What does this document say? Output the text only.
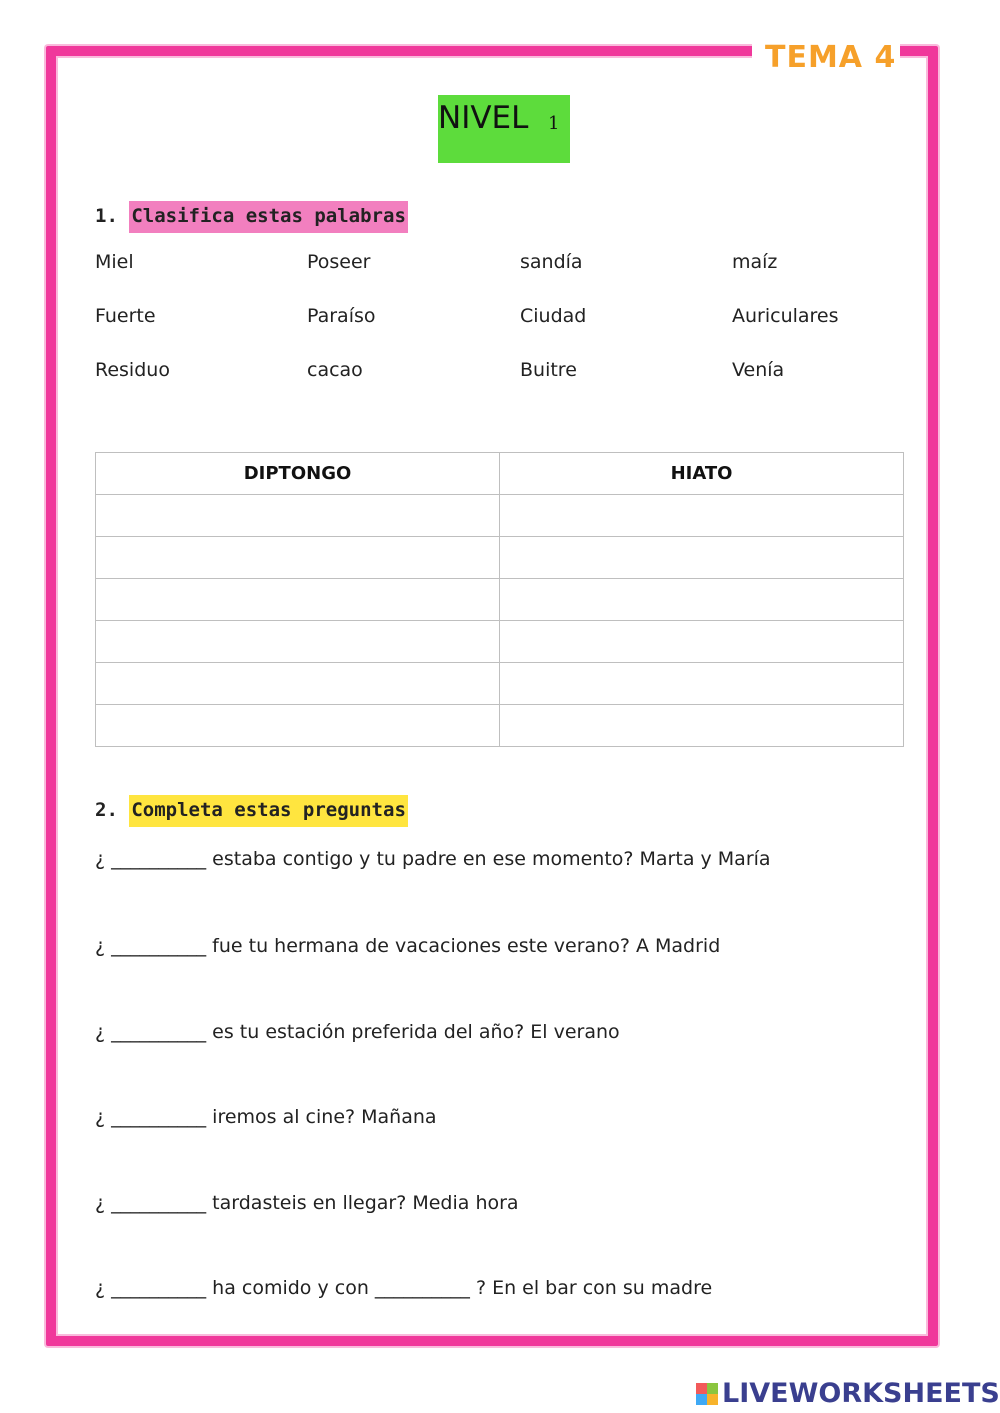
TEMA 4
NIVEL 1
1. Clasifica estas palabras
Miel	Poseer	sandía	maíz
Fuerte	Paraíso	Ciudad	Auriculares
Residuo	cacao	Buitre	Venía
DIPTONGO	HIATO

2. Completa estas preguntas
¿ __________ estaba contigo y tu padre en ese momento? Marta y María
¿ __________ fue tu hermana de vacaciones este verano? A Madrid
¿ __________ es tu estación preferida del año? El verano
¿ __________ iremos al cine? Mañana
¿ __________ tardasteis en llegar? Media hora
¿ __________ ha comido y con __________ ? En el bar con su madre
LIVEWORKSHEETS
